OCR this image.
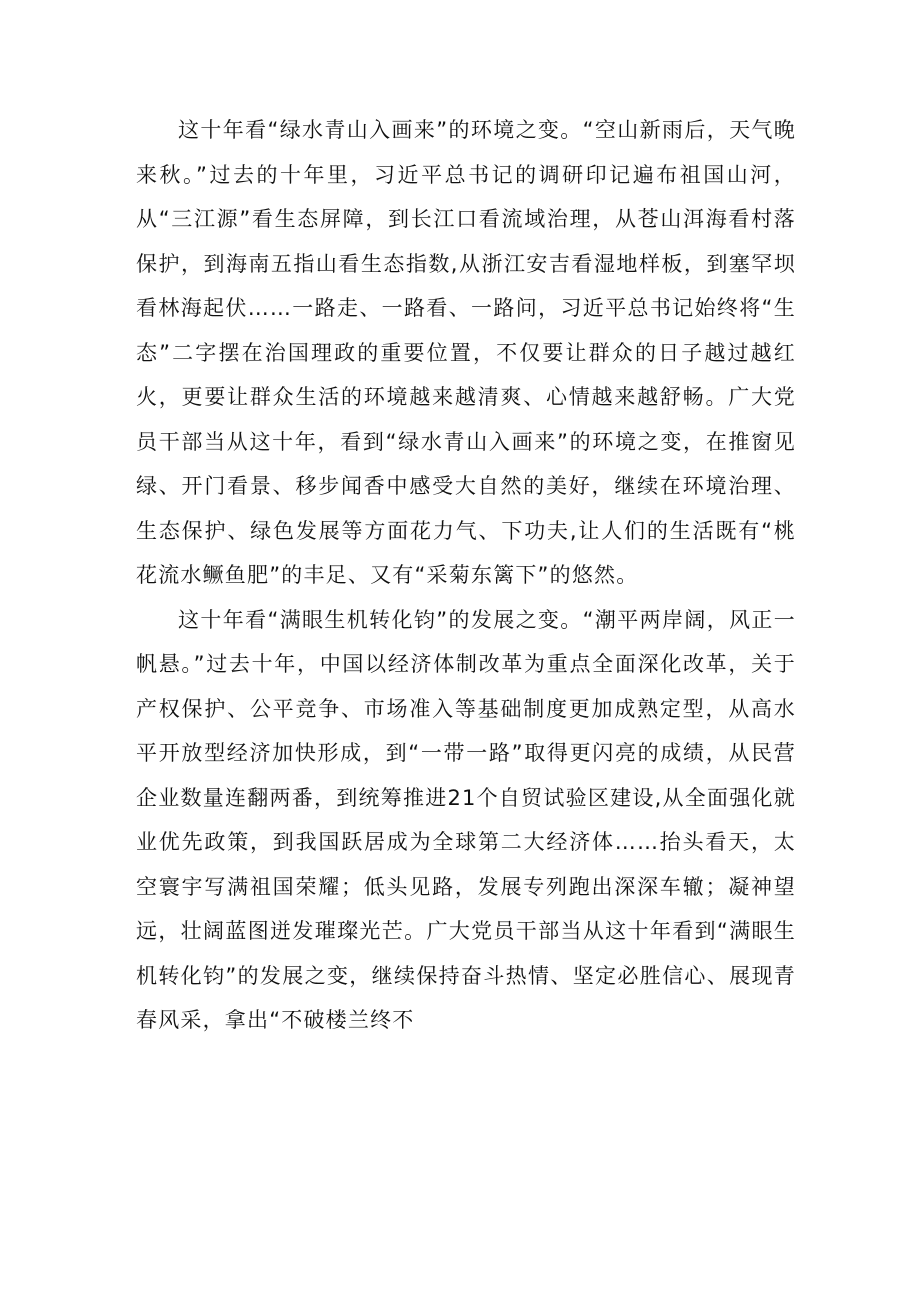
这十年看“绿水青山入画来”的环境之变。“空山新雨后，天气晚来秋。”过去的十年里，习近平总书记的调研印记遍布祖国山河，从“三江源”看生态屏障，到长江口看流域治理，从苍山洱海看村落保护，到海南五指山看生态指数,从浙江安吉看湿地样板，到塞罕坝看林海起伏……一路走、一路看、一路问，习近平总书记始终将“生态”二字摆在治国理政的重要位置，不仅要让群众的日子越过越红火，更要让群众生活的环境越来越清爽、心情越来越舒畅。广大党员干部当从这十年，看到“绿水青山入画来”的环境之变，在推窗见绿、开门看景、移步闻香中感受大自然的美好，继续在环境治理、生态保护、绿色发展等方面花力气、下功夫,让人们的生活既有“桃花流水鳜鱼肥”的丰足、又有“采菊东篱下”的悠然。

这十年看“满眼生机转化钧”的发展之变。“潮平两岸阔，风正一帆悬。”过去十年，中国以经济体制改革为重点全面深化改革，关于产权保护、公平竞争、市场准入等基础制度更加成熟定型，从高水平开放型经济加快形成，到“一带一路”取得更闪亮的成绩，从民营企业数量连翻两番，到统筹推进21个自贸试验区建设,从全面强化就业优先政策，到我国跃居成为全球第二大经济体……抬头看天，太空寰宇写满祖国荣耀；低头见路，发展专列跑出深深车辙；凝神望远，壮阔蓝图迸发璀璨光芒。广大党员干部当从这十年看到“满眼生机转化钧”的发展之变，继续保持奋斗热情、坚定必胜信心、展现青春风采，拿出“不破楼兰终不
